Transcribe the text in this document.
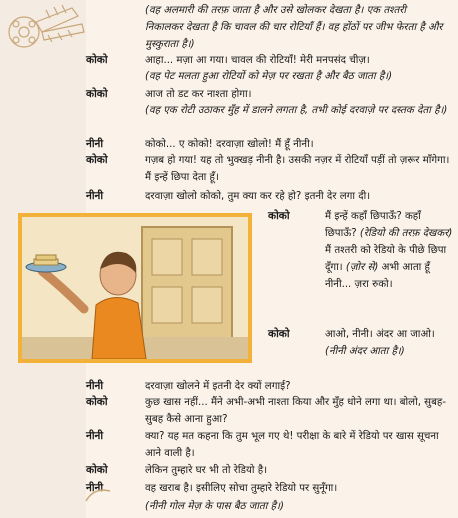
(वह अलमारी की तरफ़ जाता है और उसे खोलकर देखता है। एक तश्तरी निकालकर देखता है कि चावल की चार रोटियाँ हैं। वह होंठों पर जीभ फेरता है और मुस्कुराता है।)
कोको	आहा... मज़ा आ गया। चावल की रोटियाँ! मेरी मनपसंद चीज़।
(वह पेट मलता हुआ रोटियों को मेज़ पर रखता है और बैठ जाता है।)
कोको	आज तो डट कर नाश्ता होगा।
(वह एक रोटी उठाकर मुँह में डालने लगता है, तभी कोई दरवाज़े पर दस्तक देता है।)
नीनी	कोको... ए कोको! दरवाज़ा खोलो! मैं हूँ नीनी।
कोको	गज़ब हो गया! यह तो भुक्खड़ नीनी है। उसकी नज़र में रोटियाँ पड़ीं तो ज़रूर माँगेगा। मैं इन्हें छिपा देता हूँ।
नीनी	दरवाज़ा खोलो कोको, तुम क्या कर रहे हो? इतनी देर लगा दी।
कोको	मैं इन्हें कहाँ छिपाऊँ? कहाँ छिपाऊँ? (रेडियो की तरफ़ देखकर) मैं तश्तरी को रेडियो के पीछे छिपा दूँगा। (ज़ोर से) अभी आता हूँ नीनी... ज़रा रुको।
कोको	आओ, नीनी। अंदर आ जाओ। (नीनी अंदर आता है।)
नीनी	दरवाज़ा खोलने में इतनी देर क्यों लगाई?
कोको	कुछ खास नहीं... मैंने अभी-अभी नाश्ता किया और मुँह धोने लगा था। बोलो, सुबह-सुबह कैसे आना हुआ?
नीनी	क्या? यह मत कहना कि तुम भूल गए थे! परीक्षा के बारे में रेडियो पर खास सूचना आने वाली है।
कोको	लेकिन तुम्हारे घर भी तो रेडियो है।
नीनी	वह खराब है। इसीलिए सोचा तुम्हारे रेडियो पर सुनूँगा।
(नीनी गोल मेज़ के पास बैठ जाता है।)
